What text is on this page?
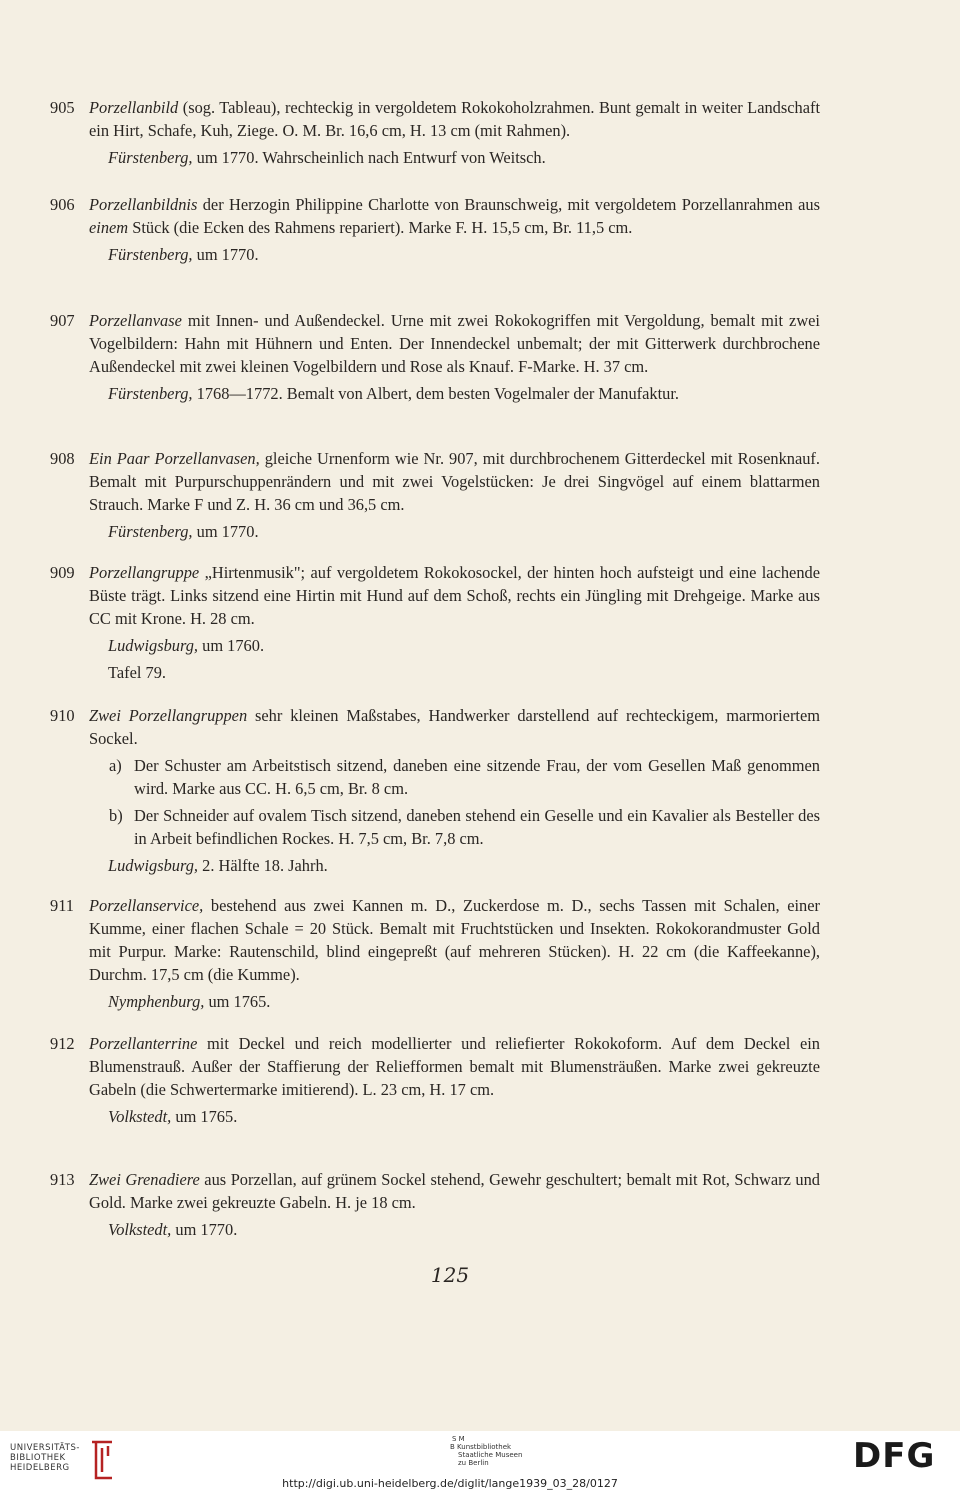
905 Porzellanbild (sog. Tableau), rechteckig in vergoldetem Rokokoholzrahmen. Bunt gemalt in weiter Landschaft ein Hirt, Schafe, Kuh, Ziege. O. M. Br. 16,6 cm, H. 13 cm (mit Rahmen).
Fürstenberg, um 1770. Wahrscheinlich nach Entwurf von Weitsch.
906 Porzellanbildnis der Herzogin Philippine Charlotte von Braunschweig, mit vergoldetem Porzellanrahmen aus einem Stück (die Ecken des Rahmens repariert). Marke F. H. 15,5 cm, Br. 11,5 cm.
Fürstenberg, um 1770.
907 Porzellanvase mit Innen- und Außendeckel. Urne mit zwei Rokokogriffen mit Vergoldung, bemalt mit zwei Vogelbildern: Hahn mit Hühnern und Enten. Der Innendeckel unbemalt; der mit Gitterwerk durchbrochene Außendeckel mit zwei kleinen Vogelbildern und Rose als Knauf. F-Marke. H. 37 cm.
Fürstenberg, 1768—1772. Bemalt von Albert, dem besten Vogelmaler der Manufaktur.
908 Ein Paar Porzellanvasen, gleiche Urnenform wie Nr. 907, mit durchbrochenem Gitterdeckel mit Rosenknauf. Bemalt mit Purpurschuppenrändern und mit zwei Vogelstücken: Je drei Singvögel auf einem blattarmen Strauch. Marke F und Z. H. 36 cm und 36,5 cm.
Fürstenberg, um 1770.
909 Porzellangruppe „Hirtenmusik"; auf vergoldetem Rokokosockel, der hinten hoch aufsteigt und eine lachende Büste trägt. Links sitzend eine Hirtin mit Hund auf dem Schoß, rechts ein Jüngling mit Drehgeige. Marke aus CC mit Krone. H. 28 cm.
Ludwigsburg, um 1760.
Tafel 79.
910 Zwei Porzellangruppen sehr kleinen Maßstabes, Handwerker darstellend auf rechteckigem, marmoriertem Sockel.
a) Der Schuster am Arbeitstisch sitzend, daneben eine sitzende Frau, der vom Gesellen Maß genommen wird. Marke aus CC. H. 6,5 cm, Br. 8 cm.
b) Der Schneider auf ovalem Tisch sitzend, daneben stehend ein Geselle und ein Kavalier als Besteller des in Arbeit befindlichen Rockes. H. 7,5 cm, Br. 7,8 cm.
Ludwigsburg, 2. Hälfte 18. Jahrh.
911 Porzellanservice, bestehend aus zwei Kannen m. D., Zuckerdose m. D., sechs Tassen mit Schalen, einer Kumme, einer flachen Schale = 20 Stück. Bemalt mit Fruchtstücken und Insekten. Rokokorandmuster Gold mit Purpur. Marke: Rautenschild, blind eingepreßt (auf mehreren Stücken). H. 22 cm (die Kaffeekanne), Durchm. 17,5 cm (die Kumme).
Nymphenburg, um 1765.
912 Porzellanterrine mit Deckel und reich modellierter und reliefierter Rokokoform. Auf dem Deckel ein Blumenstrauß. Außer der Staffierung der Reliefformen bemalt mit Blumensträußen. Marke zwei gekreuzte Gabeln (die Schwertermarke imitierend). L. 23 cm, H. 17 cm.
Volkstedt, um 1765.
913 Zwei Grenadiere aus Porzellan, auf grünem Sockel stehend, Gewehr geschultert; bemalt mit Rot, Schwarz und Gold. Marke zwei gekreuzte Gabeln. H. je 18 cm.
Volkstedt, um 1770.
125
UNIVERSITÄTS-
BIBLIOTHEK
HEIDELBERG
S M
B Kunstbibliothek
Staatliche Museen
zu Berlin	DFG
http://digi.ub.uni-heidelberg.de/diglit/lange1939_03_28/0127
